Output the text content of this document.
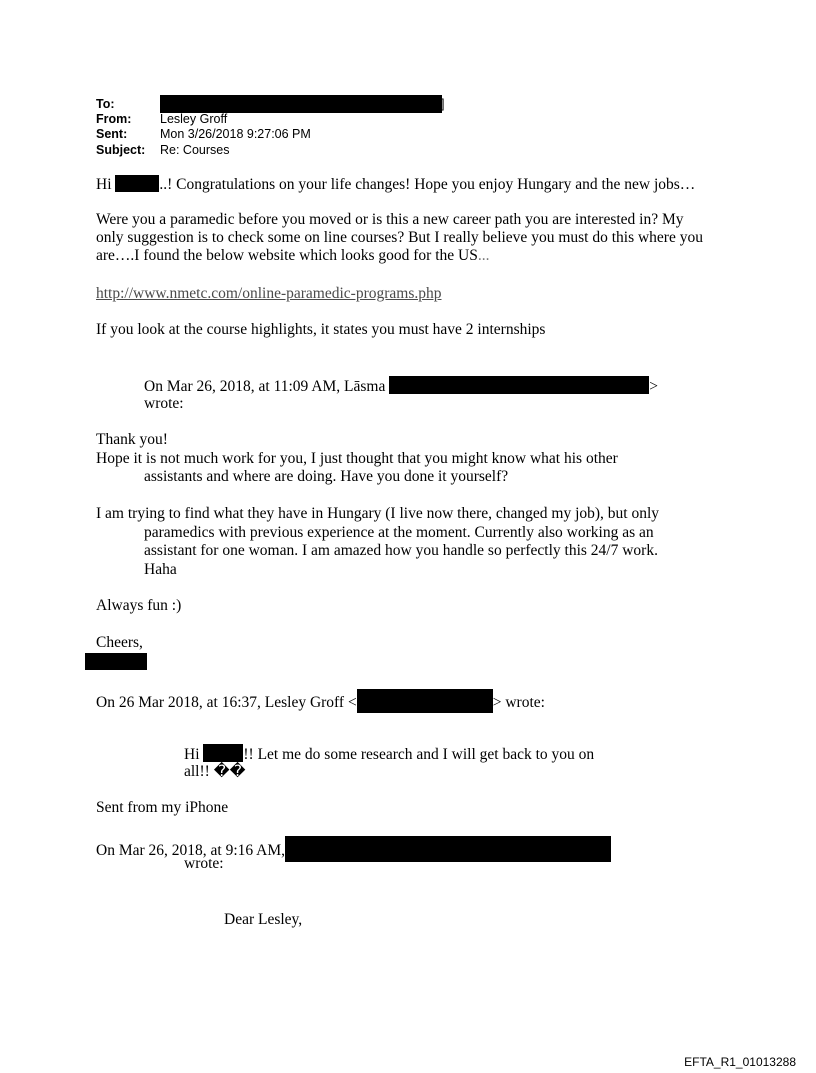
To:	]
From: Lesley Groff
Sent:	Mon 3/26/2018 9:27:06 PM
Subject: Re: Courses
Hi	..! Congratulations on your life changes! Hope you enjoy Hungary and the new jobs…
Were you a paramedic before you moved or is this a new career path you are interested in? My
only suggestion is to check some on line courses? But I really believe you must do this where you
are….I found the below website which looks good for the US...
http://www.nmetc.com/online-paramedic-programs.php
If you look at the course highlights, it states you must have 2 internships
On Mar 26, 2018, at 11:09 AM, Lāsma	>
wrote:
Thank you!
Hope it is not much work for you, I just thought that you might know what his other
assistants and where are doing. Have you done it yourself?
I am trying to find what they have in Hungary (I live now there, changed my job), but only
paramedics with previous experience at the moment. Currently also working as an
assistant for one woman. I am amazed how you handle so perfectly this 24/7 work.
Haha
Always fun :)
Cheers,
On 26 Mar 2018, at 16:37, Lesley Groff <	> wrote:
Hi	!! Let me do some research and I will get back to you on
all!! ��
Sent from my iPhone
On Mar 26, 2018, at 9:16 AM,
wrote:
Dear Lesley,
EFTA_R1_01013288
